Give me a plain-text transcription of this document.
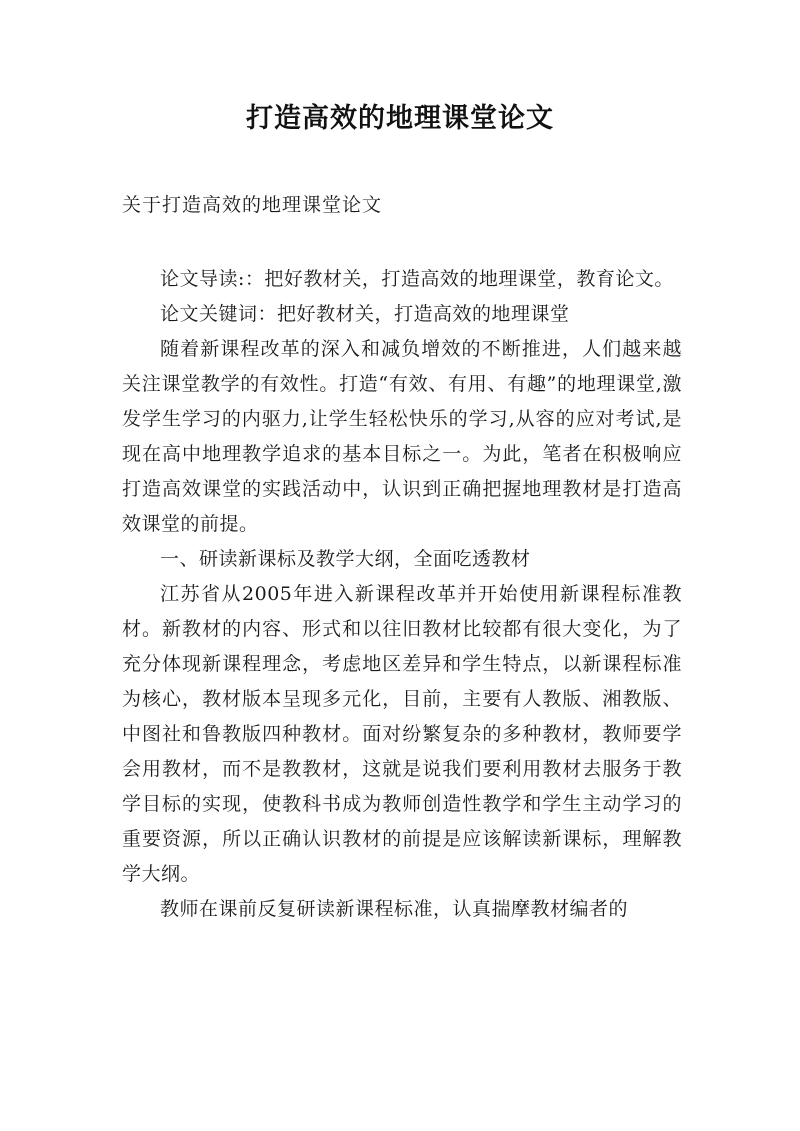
打造高效的地理课堂论文
关于打造高效的地理课堂论文

论文导读:：把好教材关，打造高效的地理课堂，教育论文。

论文关键词：把好教材关，打造高效的地理课堂

随着新课程改革的深入和减负增效的不断推进，人们越来越关注课堂教学的有效性。打造“有效、有用、有趣”的地理课堂,激发学生学习的内驱力,让学生轻松快乐的学习,从容的应对考试,是现在高中地理教学追求的基本目标之一。为此，笔者在积极响应打造高效课堂的实践活动中，认识到正确把握地理教材是打造高效课堂的前提。

一、研读新课标及教学大纲，全面吃透教材

江苏省从2005年进入新课程改革并开始使用新课程标准教材。新教材的内容、形式和以往旧教材比较都有很大变化，为了充分体现新课程理念，考虑地区差异和学生特点，以新课程标准为核心，教材版本呈现多元化，目前，主要有人教版、湘教版、中图社和鲁教版四种教材。面对纷繁复杂的多种教材，教师要学会用教材，而不是教教材，这就是说我们要利用教材去服务于教学目标的实现，使教科书成为教师创造性教学和学生主动学习的重要资源，所以正确认识教材的前提是应该解读新课标，理解教学大纲。

教师在课前反复研读新课程标准，认真揣摩教材编者的
